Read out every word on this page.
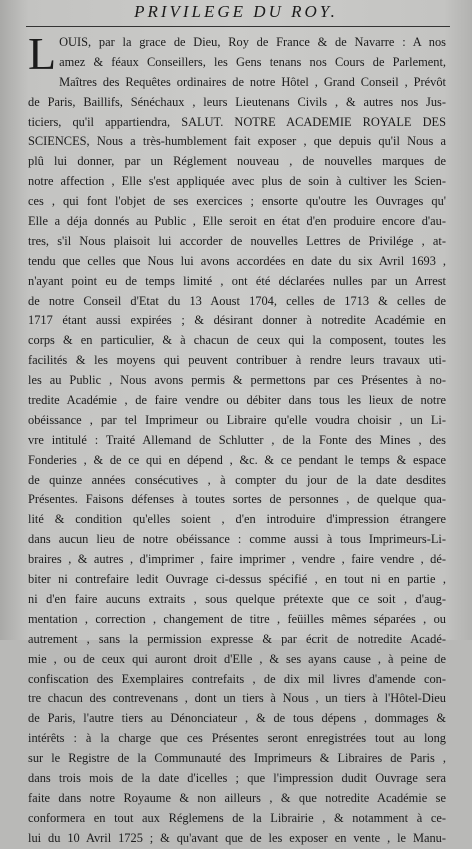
PRIVILEGE DU ROY.
L OUIS, par la grace de Dieu, Roy de France & de Navarre : A nos
amez & féaux Conseillers, les Gens tenans nos Cours de Parlement,
Maîtres des Requêtes ordinaires de notre Hôtel , Grand Conseil , Prévôt
de Paris, Baillifs, Sénéchaux , leurs Lieutenans Civils , & autres nos Jus-
ticiers, qu'il appartiendra, SALUT. NOTRE ACADEMIE ROYALE DES
SCIENCES, Nous a très-humblement fait exposer , que depuis qu'il Nous a
plû lui donner, par un Réglement nouveau , de nouvelles marques de
notre affection , Elle s'est appliquée avec plus de soin à cultiver les Scien-
ces , qui font l'objet de ses exercices ; ensorte qu'outre les Ouvrages qu'
Elle a déja donnés au Public , Elle seroit en état d'en produire encore d'au-
tres, s'il Nous plaisoit lui accorder de nouvelles Lettres de Privilége , at-
tendu que celles que Nous lui avons accordées en date du six Avril 1693 ,
n'ayant point eu de temps limité , ont été déclarées nulles par un Arrest
de notre Conseil d'Etat du 13 Aoust 1704, celles de 1713 & celles de
1717 étant aussi expirées ; & désirant donner à notredite Académie en
corps & en particulier, & à chacun de ceux qui la composent, toutes les
facilités & les moyens qui peuvent contribuer à rendre leurs travaux uti-
les au Public , Nous avons permis & permettons par ces Présentes à no-
tredite Académie , de faire vendre ou débiter dans tous les lieux de notre
obéissance , par tel Imprimeur ou Libraire qu'elle voudra choisir , un Li-
vre intitulé : Traité Allemand de Schlutter , de la Fonte des Mines , des
Fonderies , & de ce qui en dépend , &c. & ce pendant le temps & espace
de quinze années consécutives , à compter du jour de la date desdites
Présentes. Faisons défenses à toutes sortes de personnes , de quelque qua-
lité & condition qu'elles soient , d'en introduire d'impression étrangere
dans aucun lieu de notre obéissance : comme aussi à tous Imprimeurs-Li-
braires , & autres , d'imprimer , faire imprimer , vendre , faire vendre , dé-
biter ni contrefaire ledit Ouvrage ci-dessus spécifié , en tout ni en partie ,
ni d'en faire aucuns extraits , sous quelque prétexte que ce soit , d'aug-
mentation , correction , changement de titre , feüilles mêmes séparées , ou
autrement , sans la permission expresse & par écrit de notredite Acadé-
mie , ou de ceux qui auront droit d'Elle , & ses ayans cause , à peine de
confiscation des Exemplaires contrefaits , de dix mil livres d'amende con-
tre chacun des contrevenans , dont un tiers à Nous , un tiers à l'Hôtel-Dieu
de Paris, l'autre tiers au Dénonciateur , & de tous dépens , dommages &
intérêts : à la charge que ces Présentes seront enregistrées tout au long
sur le Registre de la Communauté des Imprimeurs & Libraires de Paris ,
dans trois mois de la date d'icelles ; que l'impression dudit Ouvrage sera
faite dans notre Royaume & non ailleurs , & que notredite Académie se
conformera en tout aux Réglemens de la Librairie , & notamment à ce-
lui du 10 Avril 1725 ; & qu'avant que de les exposer en vente , le Manu-
